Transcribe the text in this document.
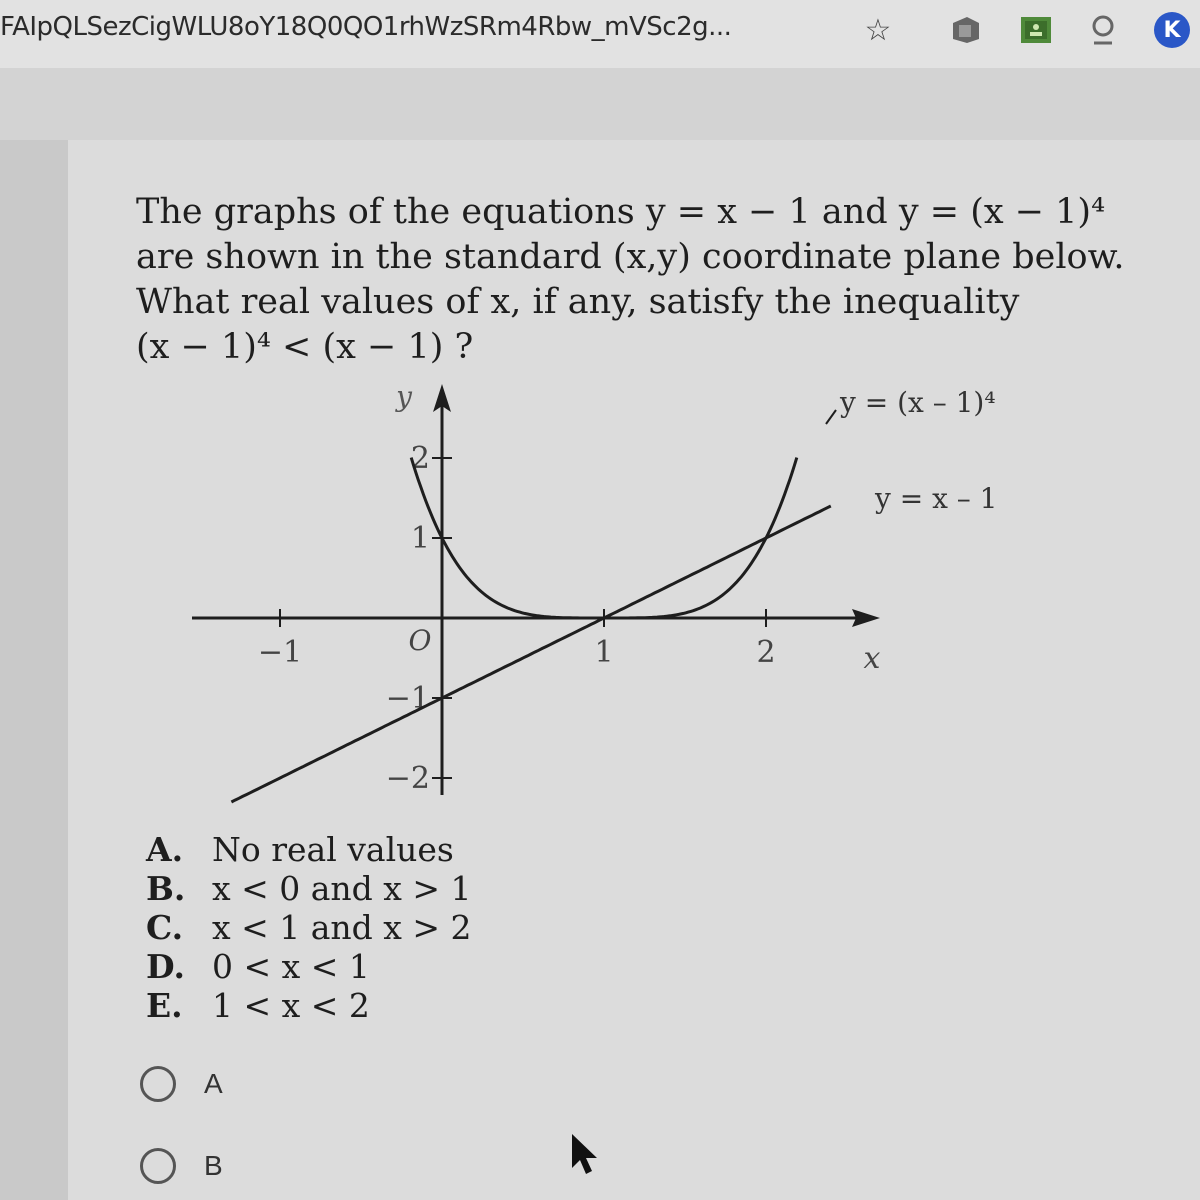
FAIpQLSezCigWLU8oY18Q0QO1rhWzSRm4Rbw_mVSc2g...	☆	K

The graphs of the equations y = x − 1 and y = (x − 1)⁴
are shown in the standard (x,y) coordinate plane below.
What real values of x, if any, satisfy the inequality
(x − 1)⁴ < (x − 1) ?

−1	1	2
2
1
−1
−2
O
x
y	y = (x – 1)⁴
y = x – 1
A. No real values
B. x < 0 and x > 1
C. x < 1 and x > 2
D. 0 < x < 1
E. 1 < x < 2
A
B
